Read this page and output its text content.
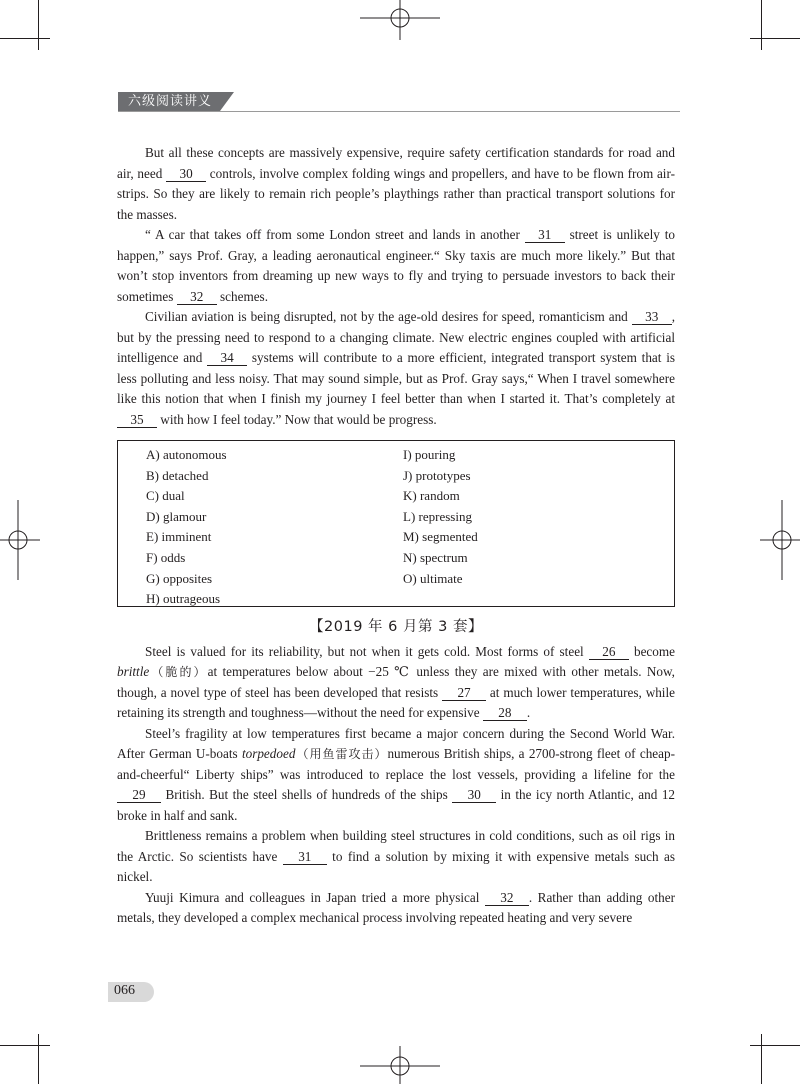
六级阅读讲义

But all these concepts are massively expensive, require safety certification standards for road and air, need 30 controls, involve complex folding wings and propellers, and have to be flown from air-strips. So they are likely to remain rich people’s playthings rather than practical transport solutions for the masses.

“ A car that takes off from some London street and lands in another 31 street is unlikely to happen,” says Prof. Gray, a leading aeronautical engineer.“ Sky taxis are much more likely.” But that won’t stop inventors from dreaming up new ways to fly and trying to persuade investors to back their sometimes 32 schemes.

Civilian aviation is being disrupted, not by the age-old desires for speed, romanticism and 33 , but by the pressing need to respond to a changing climate. New electric engines coupled with artificial intelligence and 34 systems will contribute to a more efficient, integrated transport system that is less polluting and less noisy. That may sound simple, but as Prof. Gray says,“ When I travel somewhere like this notion that when I finish my journey I feel better than when I started it. That’s completely at 35 with how I feel today.” Now that would be progress.

A) autonomous
B) detached
C) dual
D) glamour
E) imminent
F) odds
G) opposites
H) outrageous
I) pouring
J) prototypes
K) random
L) repressing
M) segmented
N) spectrum
O) ultimate
【2019 年 6 月第 3 套】

Steel is valued for its reliability, but not when it gets cold. Most forms of steel 26 become brittle（脆的）at temperatures below about −25 ℃ unless they are mixed with other metals. Now, though, a novel type of steel has been developed that resists 27 at much lower temperatures, while retaining its strength and toughness—without the need for expensive 28 .

Steel’s fragility at low temperatures first became a major concern during the Second World War. After German U-boats torpedoed（用鱼雷攻击）numerous British ships, a 2700-strong fleet of cheap-and-cheerful“ Liberty ships” was introduced to replace the lost vessels, providing a lifeline for the 29 British. But the steel shells of hundreds of the ships 30 in the icy north Atlantic, and 12 broke in half and sank.

Brittleness remains a problem when building steel structures in cold conditions, such as oil rigs in the Arctic. So scientists have 31 to find a solution by mixing it with expensive metals such as nickel.

Yuuji Kimura and colleagues in Japan tried a more physical 32 . Rather than adding other metals, they developed a complex mechanical process involving repeated heating and very severe

066
